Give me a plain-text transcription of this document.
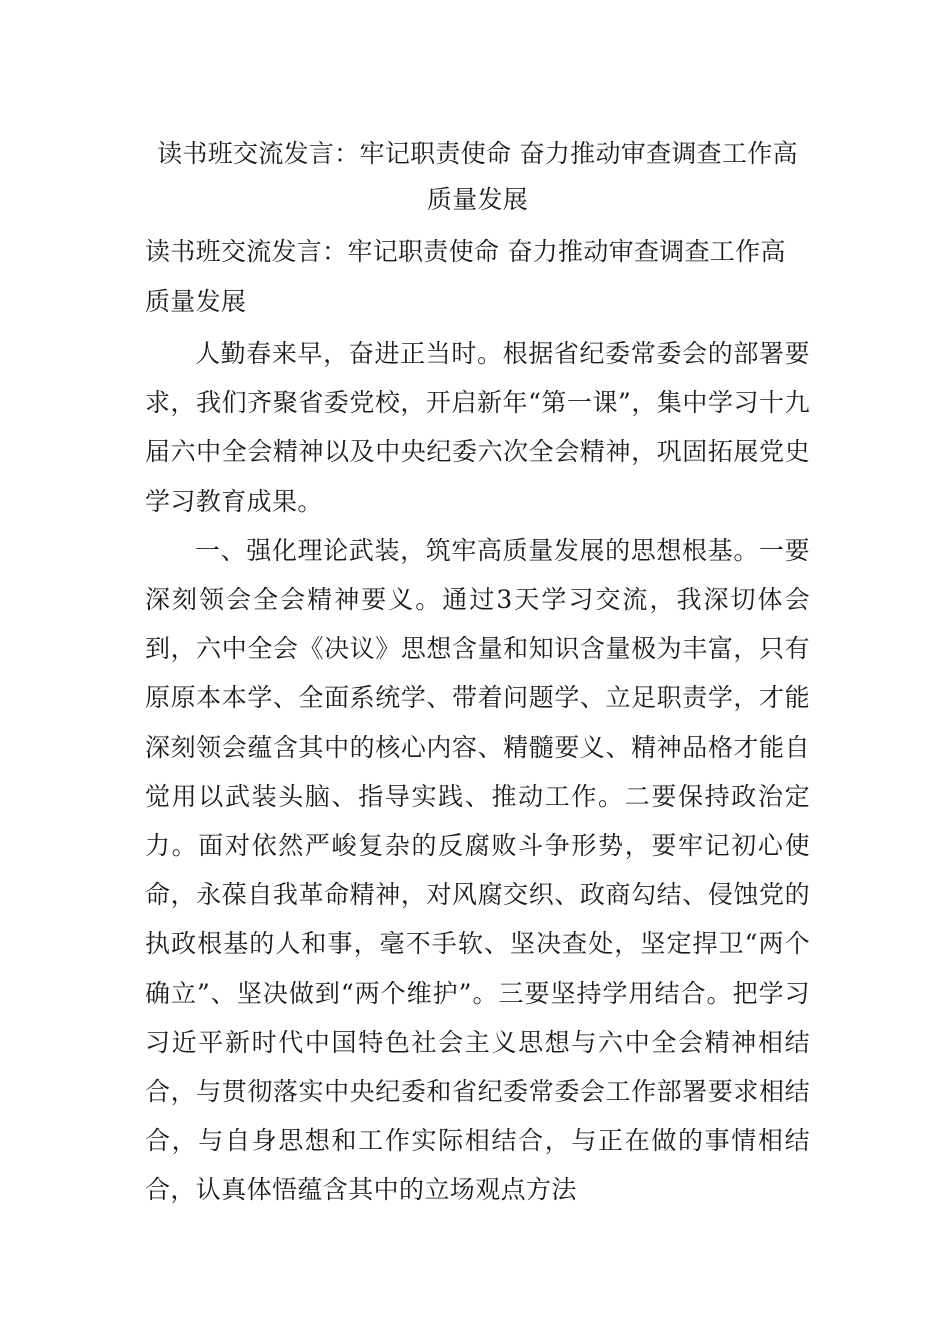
读书班交流发言：牢记职责使命 奋力推动审查调查工作高质量发展

读书班交流发言：牢记职责使命 奋力推动审查调查工作高质量发展

人勤春来早，奋进正当时。根据省纪委常委会的部署要求，我们齐聚省委党校，开启新年“第一课”，集中学习十九届六中全会精神以及中央纪委六次全会精神，巩固拓展党史学习教育成果。

一、强化理论武装，筑牢高质量发展的思想根基。一要深刻领会全会精神要义。通过3天学习交流，我深切体会到，六中全会《决议》思想含量和知识含量极为丰富，只有原原本本学、全面系统学、带着问题学、立足职责学，才能深刻领会蕴含其中的核心内容、精髓要义、精神品格才能自觉用以武装头脑、指导实践、推动工作。二要保持政治定力。面对依然严峻复杂的反腐败斗争形势，要牢记初心使命，永葆自我革命精神，对风腐交织、政商勾结、侵蚀党的执政根基的人和事，毫不手软、坚决查处，坚定捍卫“两个确立”、坚决做到“两个维护”。三要坚持学用结合。把学习习近平新时代中国特色社会主义思想与六中全会精神相结合，与贯彻落实中央纪委和省纪委常委会工作部署要求相结合，与自身思想和工作实际相结合，与正在做的事情相结合，认真体悟蕴含其中的立场观点方法
